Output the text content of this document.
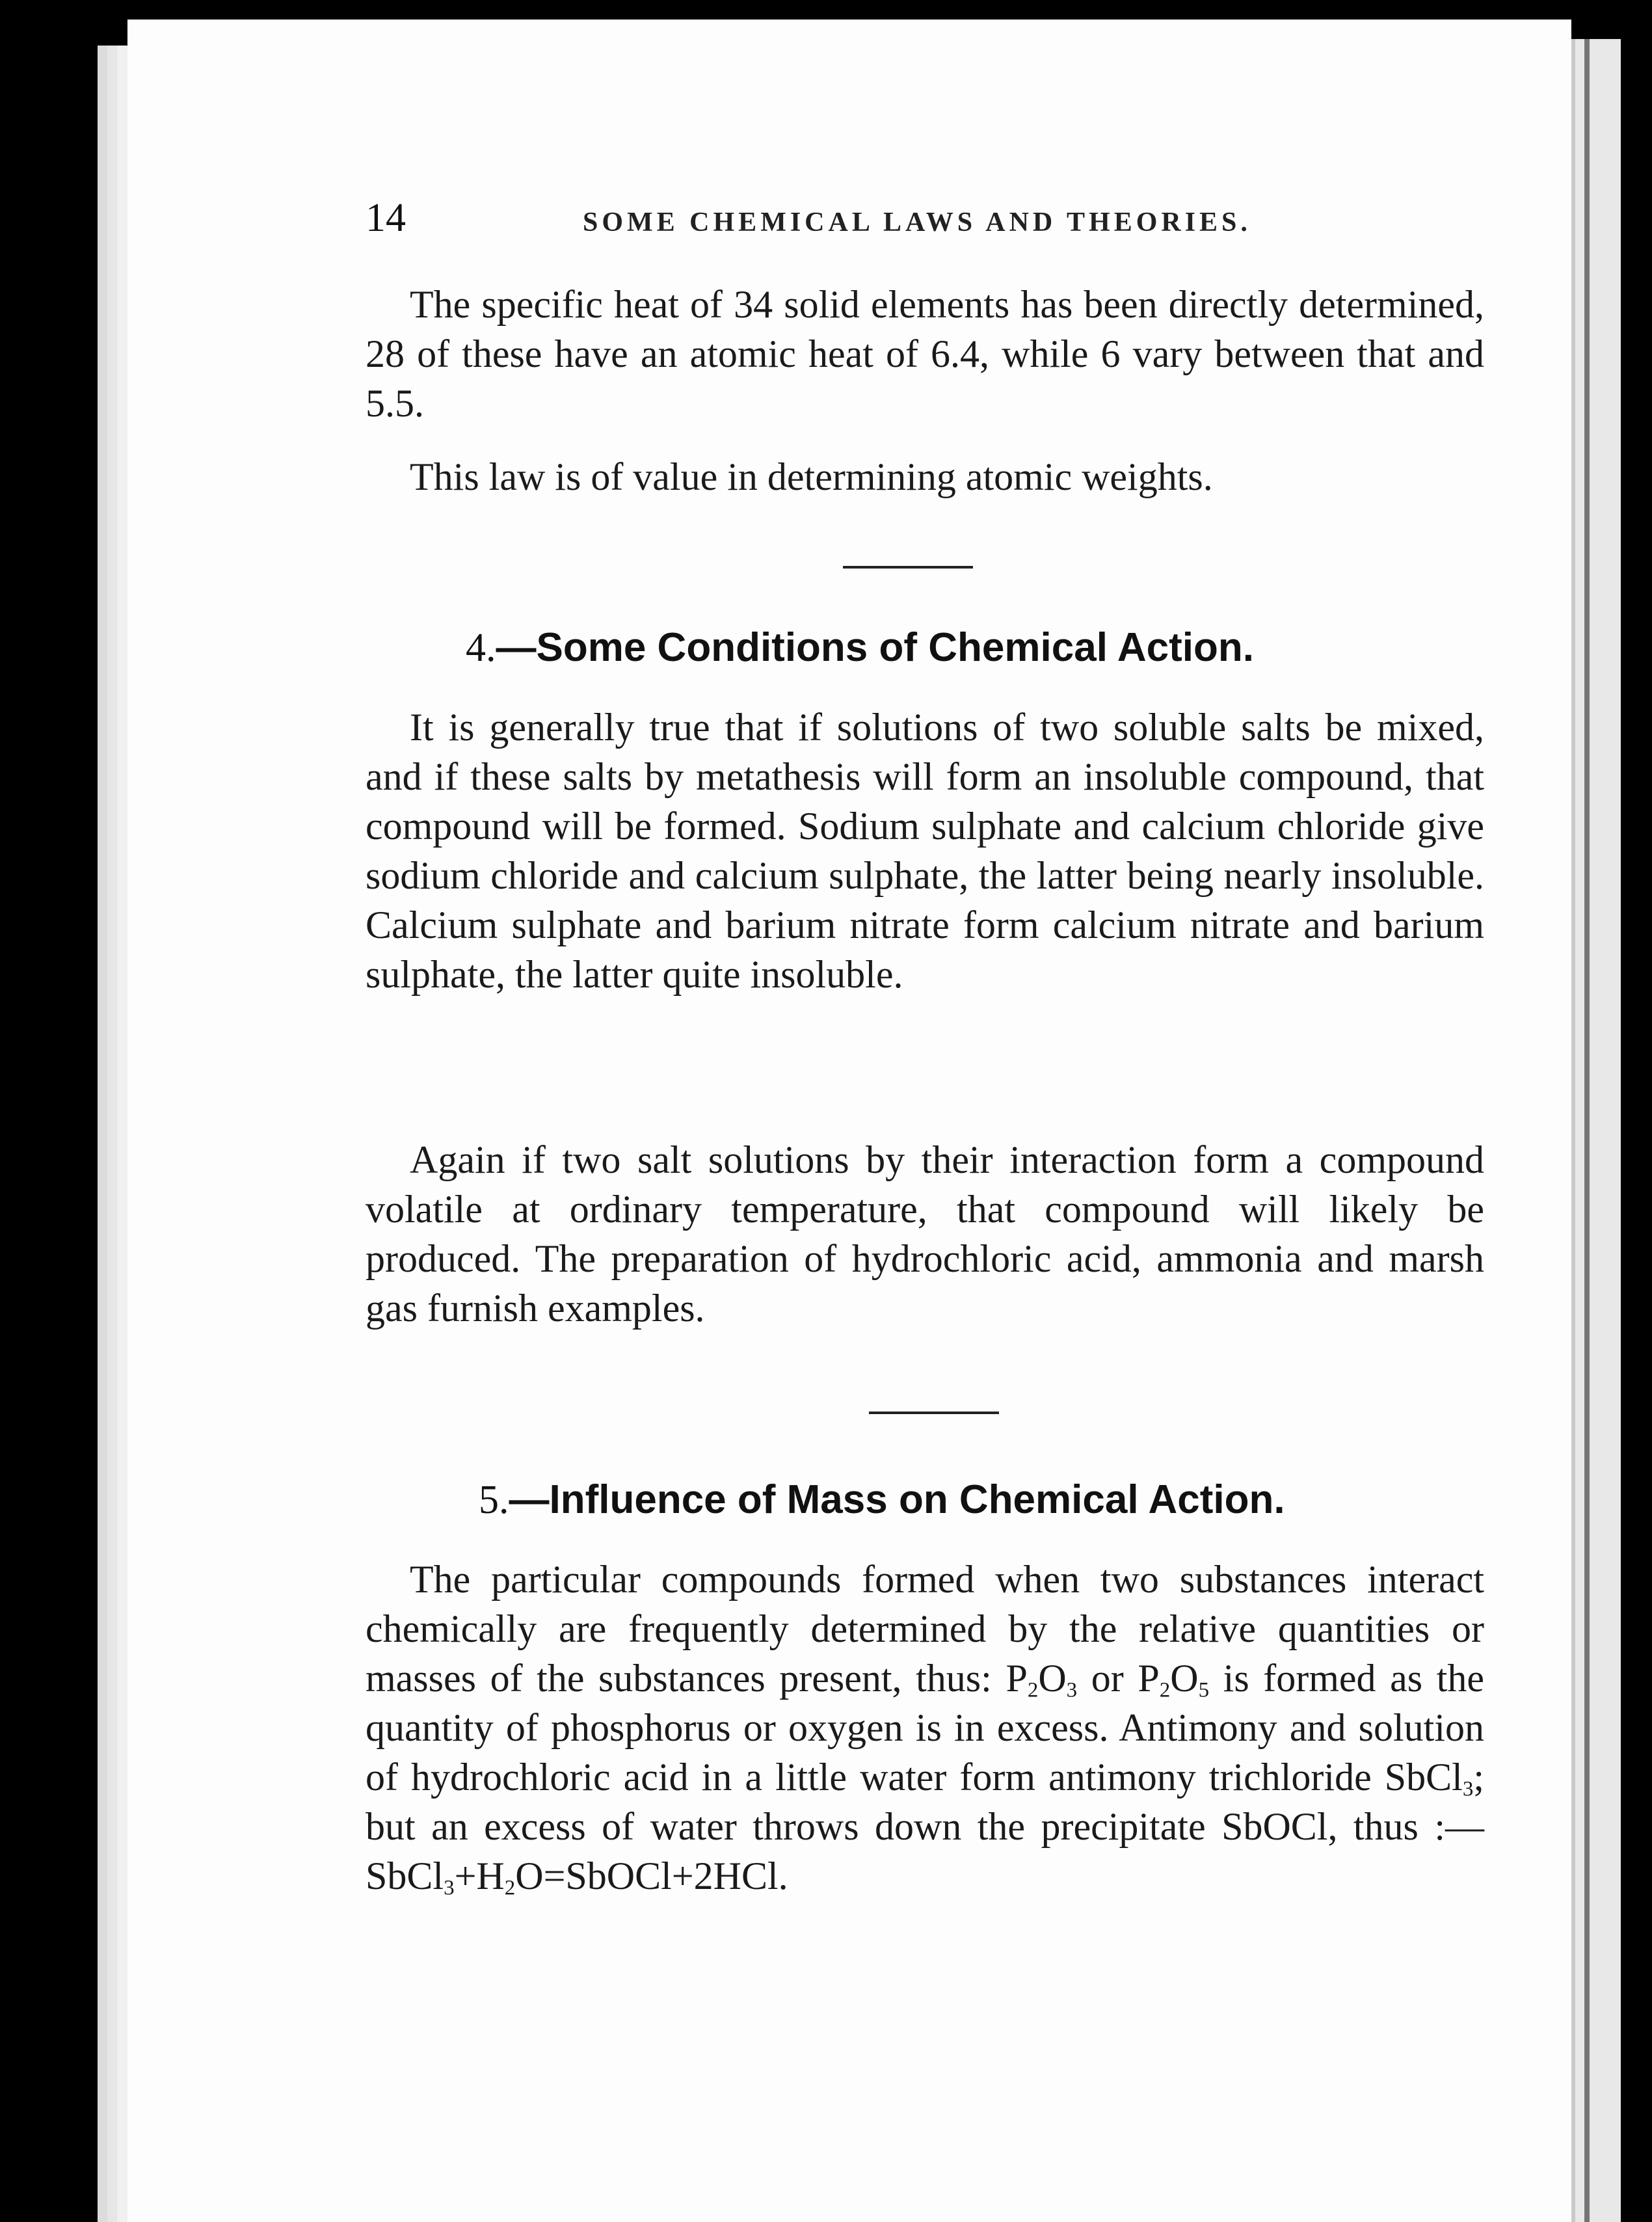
14	SOME CHEMICAL LAWS AND THEORIES.

The specific heat of 34 solid elements has been directly determined, 28 of these have an atomic heat of 6.4, while 6 vary between that and 5.5.

This law is of value in determining atomic weights.

4.—Some Conditions of Chemical Action.

It is generally true that if solutions of two soluble salts be mixed, and if these salts by metathesis will form an insoluble compound, that compound will be formed. Sodium sulphate and calcium chloride give sodium chloride and calcium sulphate, the latter being nearly insoluble. Calcium sulphate and barium nitrate form calcium nitrate and barium sulphate, the latter quite insoluble.

Again if two salt solutions by their interaction form a compound volatile at ordinary temperature, that compound will likely be produced. The preparation of hydrochloric acid, ammonia and marsh gas furnish examples.

5.—Influence of Mass on Chemical Action.

The particular compounds formed when two substances interact chemically are frequently determined by the relative quantities or masses of the substances present, thus: $P_2O_3$ or $P_2O_5$ is formed as the quantity of phosphorus or oxygen is in excess. Antimony and solution of hydrochloric acid in a little water form antimony trichloride SbCl$_3$; but an excess of water throws down the precipitate SbOCl, thus $:—SbCl_3+H_2O=SbOCl+2HCl$.
